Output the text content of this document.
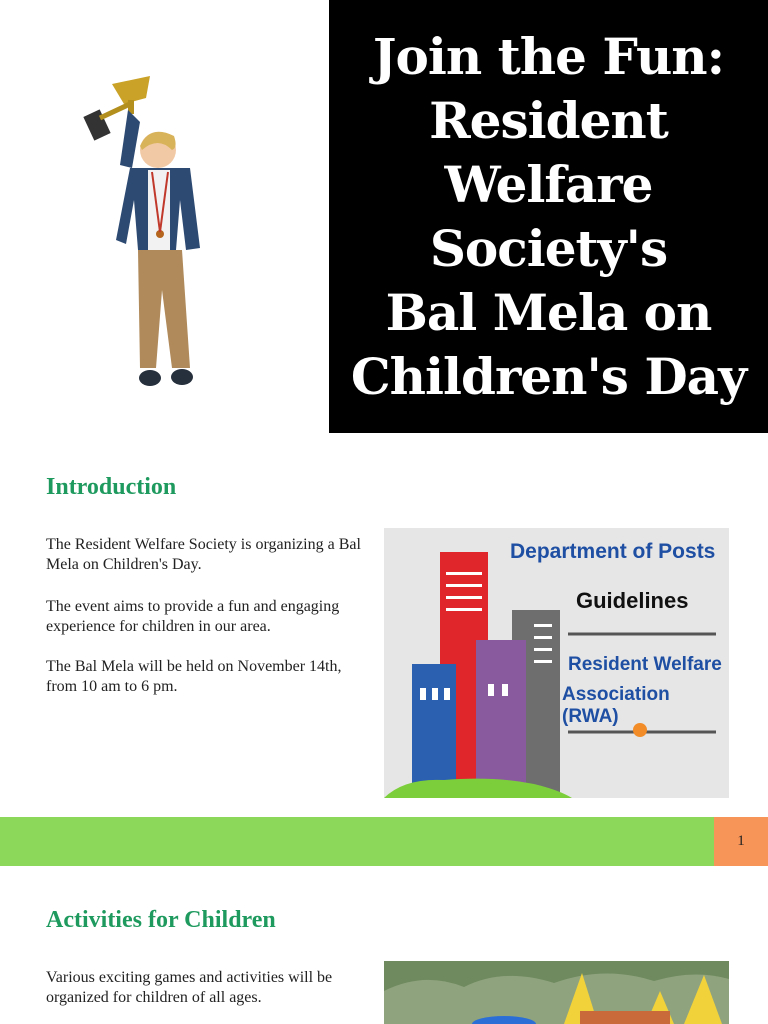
Join the Fun:
Resident
Welfare Society's
Bal Mela on
Children's Day
Introduction

The Resident Welfare Society is organizing a Bal Mela on Children's Day.

The event aims to provide a fun and engaging experience for children in our area.

The Bal Mela will be held on November 14th, from 10 am to 6 pm.

Department of Posts

Guidelines

Resident Welfare

Association (RWA)

1
Activities for Children

Various exciting games and activities will be organized for children of all ages.
